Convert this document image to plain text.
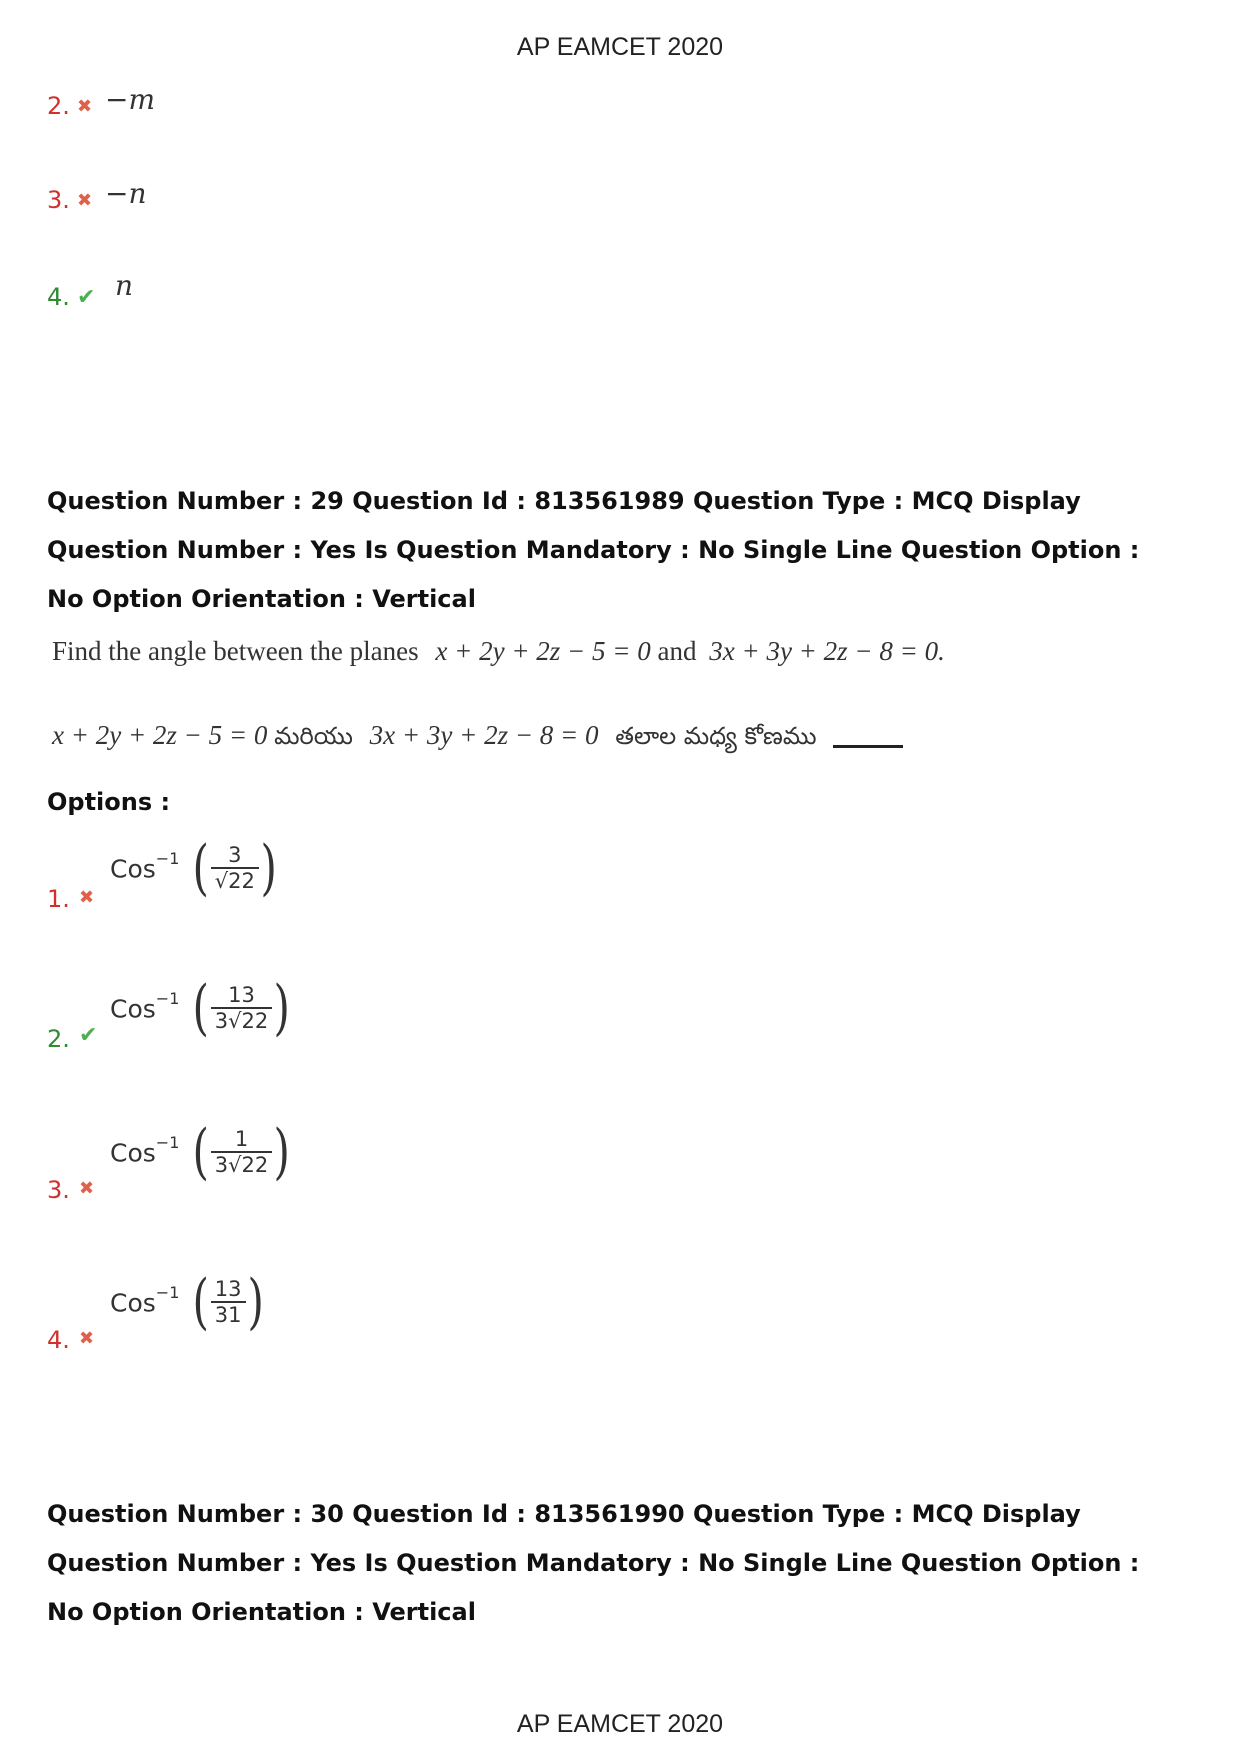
AP EAMCET 2020
2. ✖ −m
3. ✖ −n
4. ✔ n
Question Number : 29 Question Id : 813561989 Question Type : MCQ Display Question Number : Yes Is Question Mandatory : No Single Line Question Option : No Option Orientation : Vertical
Find the angle between the planes x + 2y + 2z − 5 = 0 and 3x + 3y + 2z − 8 = 0.
x + 2y + 2z − 5 = 0 మరియు 3x + 3y + 2z − 8 = 0 తలాల మధ్య కోణము
Options :
1. ✖
Cos$^{-1}$ ( $\frac{3}{√22}$ )
2. ✔
Cos$^{-1}$ ( $\frac{13}{3√22}$ )
3. ✖
Cos$^{-1}$ ( $\frac{1}{3√22}$ )
4. ✖
Cos$^{-1}$ ( $\frac{13}{31}$ )
Question Number : 30 Question Id : 813561990 Question Type : MCQ Display Question Number : Yes Is Question Mandatory : No Single Line Question Option : No Option Orientation : Vertical
AP EAMCET 2020
